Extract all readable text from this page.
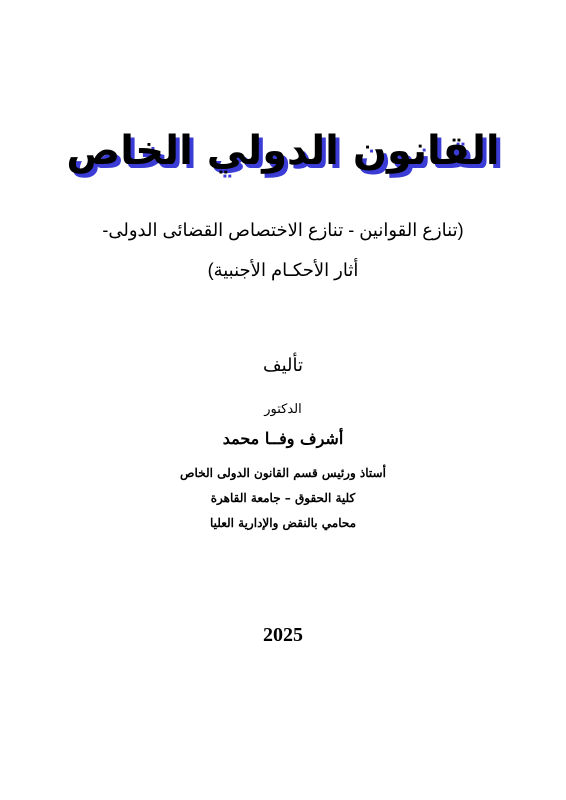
القانون الدولي الخاص
(تنازع القوانين - تنازع الاختصاص القضائى الدولى-
أثار الأحكـام الأجنبية)
تأليف
الدكتور
أشرف وفــا محمد
أستاذ ورئيس قسم القانون الدولى الخاص
كلية الحقوق – جامعة القاهرة
محامي بالنقض والإدارية العليا
2025
